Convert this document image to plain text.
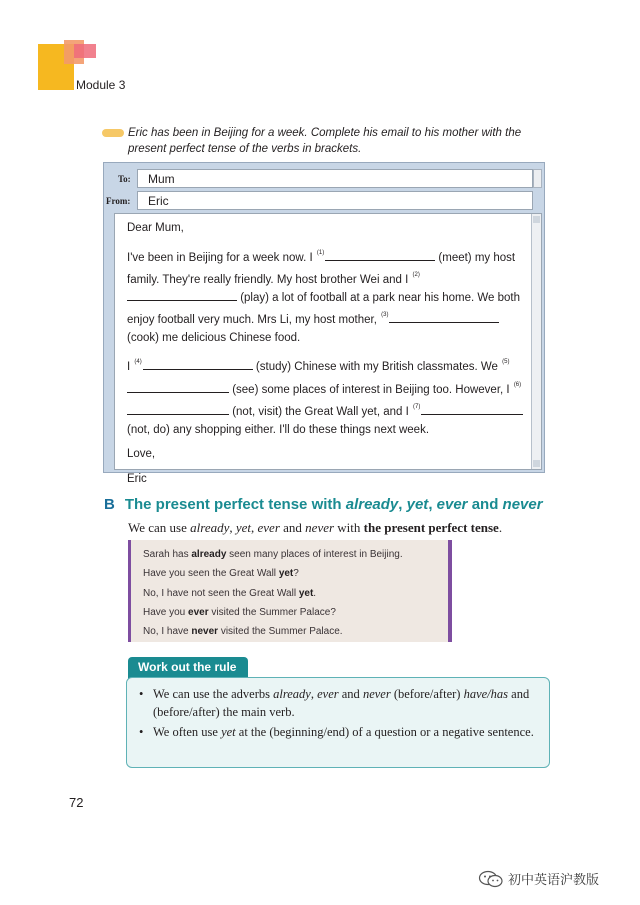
Module 3
Eric has been in Beijing for a week. Complete his email to his mother with the present perfect tense of the verbs in brackets.
To:	Mum
From:	Eric

Dear Mum,

I've been in Beijing for a week now. I $^{(1)}$	(meet) my host family. They're really friendly. My host brother Wei and I $^{(2)}$ (play) a lot of football at a park near his home. We both enjoy football very much. Mrs Li, my host mother, $^{(3)}$ (cook) me delicious Chinese food.

I $^{(4)}$	(study) Chinese with my British classmates. We $^{(5)}$ (see) some places of interest in Beijing too. However, I $^{(6)}$ (not, visit) the Great Wall yet, and I $^{(7)}$ (not, do) any shopping either. I'll do these things next week.

Love,

Eric

B The present perfect tense with already, yet, ever and never
We can use already, yet, ever and never with the present perfect tense.
Sarah has already seen many places of interest in Beijing.
Have you seen the Great Wall yet?
No, I have not seen the Great Wall yet.
Have you ever visited the Summer Palace?
No, I have never visited the Summer Palace.
Work out the rule
• We can use the adverbs already, ever and never (before/after) have/has and (before/after) the main verb.
• We often use yet at the (beginning/end) of a question or a negative sentence.
72
初中英语沪教版
